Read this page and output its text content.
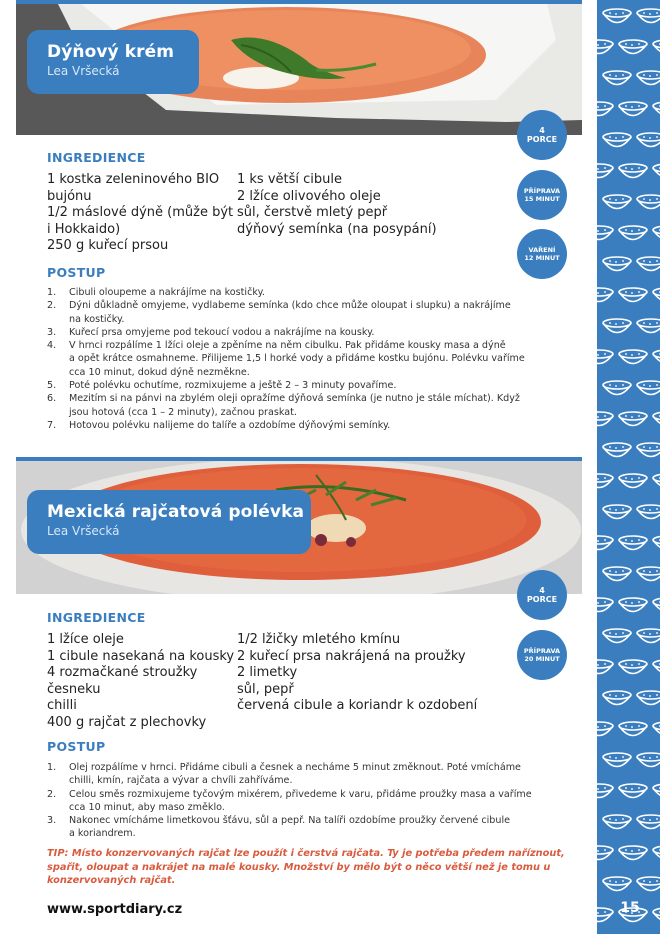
15
Dýňový krém
Lea Vršecká
4
PORCE
PŘÍPRAVA
15 MINUT
VAŘENÍ
12 MINUT
INGREDIENCE
1 kostka zeleninového BIO
bujónu
1/2 máslové dýně (může být
i Hokkaido)
250 g kuřecí prsou
1 ks větší cibule
2 lžíce olivového oleje
sůl, čerstvě mletý pepř
dýňový semínka (na posypání)
POSTUP
1. Cibuli oloupeme a nakrájíme na kostičky.
2. Dýni důkladně omyjeme, vydlabeme semínka (kdo chce může oloupat i slupku) a nakrájíme
na kostičky.
3. Kuřecí prsa omyjeme pod tekoucí vodou a nakrájíme na kousky.
4. V hrnci rozpálíme 1 lžíci oleje a zpěníme na něm cibulku. Pak přidáme kousky masa a dýně
a opět krátce osmahneme. Přilijeme 1,5 l horké vody a přidáme kostku bujónu. Polévku vaříme
cca 10 minut, dokud dýně nezměkne.
5. Poté polévku ochutíme, rozmixujeme a ještě 2 – 3 minuty povaříme.
6. Mezitím si na pánvi na zbylém oleji opražíme dýňová semínka (je nutno je stále míchat). Když
jsou hotová (cca 1 – 2 minuty), začnou praskat.
7. Hotovou polévku nalijeme do talíře a ozdobíme dýňovými semínky.
Mexická rajčatová polévka
Lea Vršecká
4
PORCE
PŘÍPRAVA
20 MINUT
INGREDIENCE
1 lžíce oleje
1 cibule nasekaná na kousky
4 rozmačkané stroužky
česneku
chilli
400 g rajčat z plechovky
1/2 lžičky mletého kmínu
2 kuřecí prsa nakrájená na proužky
2 limetky
sůl, pepř
červená cibule a koriandr k ozdobení
POSTUP
1. Olej rozpálíme v hrnci. Přidáme cibuli a česnek a necháme 5 minut změknout. Poté vmícháme
chilli, kmín, rajčata a vývar a chvíli zahříváme.
2. Celou směs rozmixujeme tyčovým mixérem, přivedeme k varu, přidáme proužky masa a vaříme
cca 10 minut, aby maso změklo.
3. Nakonec vmícháme limetkovou šťávu, sůl a pepř. Na talíři ozdobíme proužky červené cibule
a koriandrem.
TIP: Místo konzervovaných rajčat lze použít i čerstvá rajčata. Ty je potřeba předem naříznout, spařit, oloupat a nakrájet na malé kousky. Množství by mělo být o něco větší než je tomu u konzervovaných rajčat.
www.sportdiary.cz
